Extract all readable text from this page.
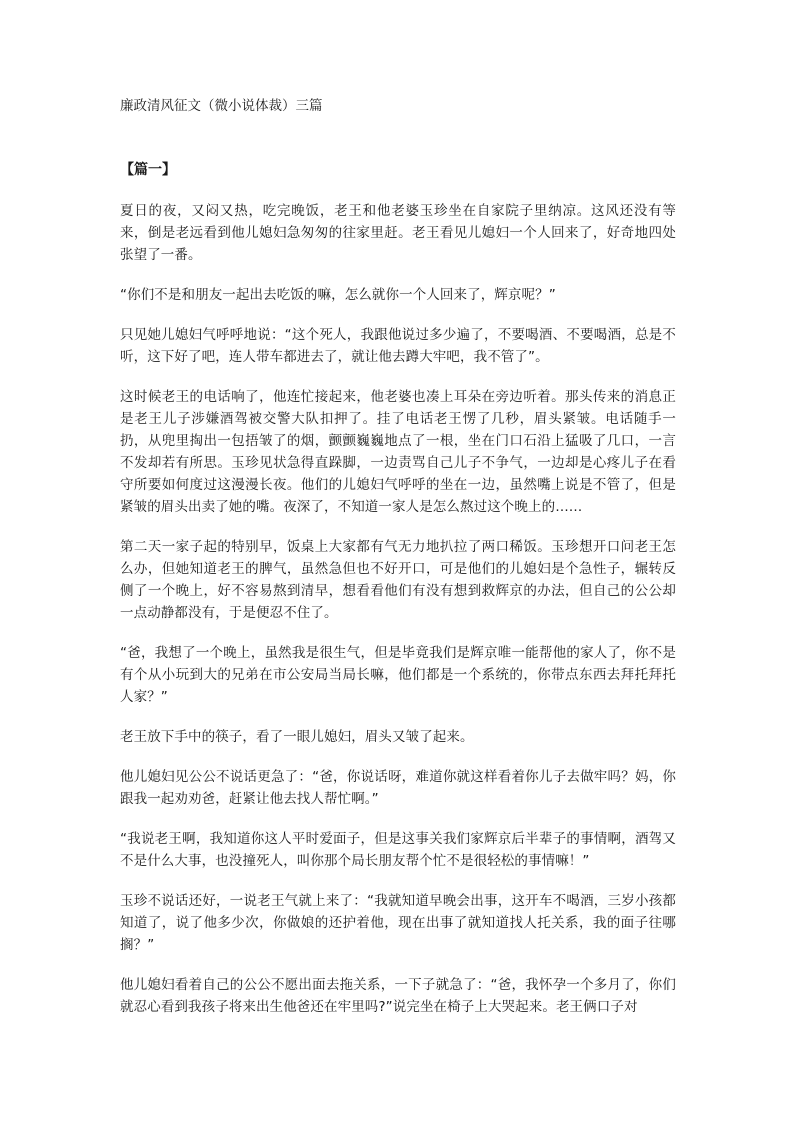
廉政清风征文（微小说体裁）三篇
【篇一】

夏日的夜，又闷又热，吃完晚饭，老王和他老婆玉珍坐在自家院子里纳凉。这风还没有等来，倒是老远看到他儿媳妇急匆匆的往家里赶。老王看见儿媳妇一个人回来了，好奇地四处张望了一番。

“你们不是和朋友一起出去吃饭的嘛，怎么就你一个人回来了，辉京呢？”

只见她儿媳妇气呼呼地说：“这个死人，我跟他说过多少遍了，不要喝酒、不要喝酒，总是不听，这下好了吧，连人带车都进去了，就让他去蹲大牢吧，我不管了”。

这时候老王的电话响了，他连忙接起来，他老婆也凑上耳朵在旁边听着。那头传来的消息正是老王儿子涉嫌酒驾被交警大队扣押了。挂了电话老王愣了几秒，眉头紧皱。电话随手一扔，从兜里掏出一包捂皱了的烟，颤颤巍巍地点了一根，坐在门口石沿上猛吸了几口，一言不发却若有所思。玉珍见状急得直跺脚，一边责骂自己儿子不争气，一边却是心疼儿子在看守所要如何度过这漫漫长夜。他们的儿媳妇气呼呼的坐在一边，虽然嘴上说是不管了，但是紧皱的眉头出卖了她的嘴。夜深了，不知道一家人是怎么熬过这个晚上的……

第二天一家子起的特别早，饭桌上大家都有气无力地扒拉了两口稀饭。玉珍想开口问老王怎么办，但她知道老王的脾气，虽然急但也不好开口，可是他们的儿媳妇是个急性子，辗转反侧了一个晚上，好不容易熬到清早，想看看他们有没有想到救辉京的办法，但自己的公公却一点动静都没有，于是便忍不住了。

“爸，我想了一个晚上，虽然我是很生气，但是毕竟我们是辉京唯一能帮他的家人了，你不是有个从小玩到大的兄弟在市公安局当局长嘛，他们都是一个系统的，你带点东西去拜托拜托人家？”

老王放下手中的筷子，看了一眼儿媳妇，眉头又皱了起来。

他儿媳妇见公公不说话更急了：“爸，你说话呀，难道你就这样看着你儿子去做牢吗？妈，你跟我一起劝劝爸，赶紧让他去找人帮忙啊。”

“我说老王啊，我知道你这人平时爱面子，但是这事关我们家辉京后半辈子的事情啊，酒驾又不是什么大事，也没撞死人，叫你那个局长朋友帮个忙不是很轻松的事情嘛！”

玉珍不说话还好，一说老王气就上来了：“我就知道早晚会出事，这开车不喝酒，三岁小孩都知道了，说了他多少次，你做娘的还护着他，现在出事了就知道找人托关系，我的面子往哪搁？”

他儿媳妇看着自己的公公不愿出面去拖关系，一下子就急了：“爸，我怀孕一个多月了，你们就忍心看到我孩子将来出生他爸还在牢里吗?”说完坐在椅子上大哭起来。老王俩口子对
